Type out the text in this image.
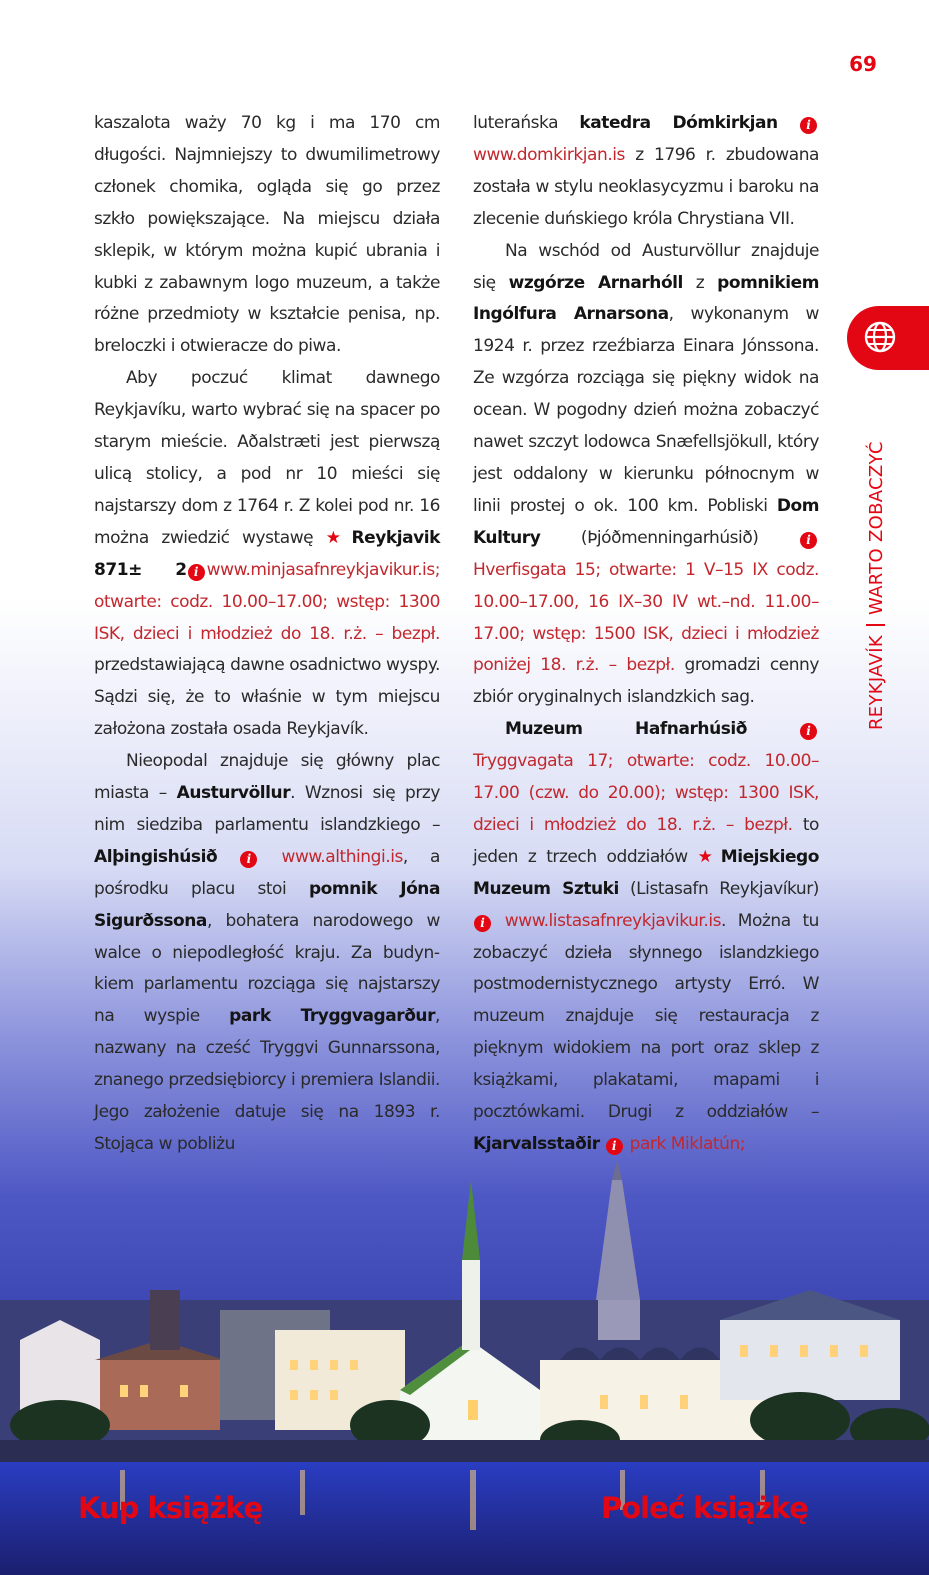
69
REYKJAVÍKWARTO ZOBACZYĆ

kaszalota waży 70 kg i ma 170 cm długości. Najmniejszy to dwumilimetrowy członek chomika, ogląda się go przez szkło powiększające. Na miejscu działa sklepik, w którym można kupić ubrania i kubki z zabawnym logo muzeum, a także różne przedmioty w kształcie penisa, np. breloczki i otwieracze do piwa.

Aby poczuć klimat dawnego Reykjavíku, warto wybrać się na spacer po starym mieście. Aðalstræti jest pierwszą ulicą stolicy, a pod nr 10 mieści się najstarszy dom z 1764 r. Z kolei pod nr. 16 można zwiedzić wystawę ★ Reykjavik 871± 2 i www.minjasafnreykjavikur.is; otwarte: codz. 10.00–17.00; wstęp: 1300 ISK, dzieci i młodzież do 18. r.ż. – bezpł. przedstawiającą dawne osadnictwo wyspy. Sądzi się, że to właśnie w tym miejscu założona została osada Reykjavík.

Nieopodal znajduje się główny plac miasta – Austurvöllur. Wznosi się przy nim siedziba parlamentu islandzkiego – Alþingishúsið i www.althingi.is, a pośrodku placu stoi pomnik Jóna Sigurðssona, bohatera narodowego w walce o niepodległość kraju. Za budynkiem parlamentu rozciąga się najstarszy na wyspie park Tryggvagarður, nazwany na cześć Tryggvi Gunnarssona, znanego przedsiębiorcy i premiera Islandii. Jego założenie datuje się na 1893 r. Stojąca w pobliżu

luterańska katedra Dómkirkjan i www.domkirkjan.is z 1796 r. zbudowana została w stylu neoklasycyzmu i baroku na zlecenie duńskiego króla Chrystiana VII.

Na wschód od Austurvöllur znajduje się wzgórze Arnarhóll z pomnikiem Ingólfura Arnarsona, wykonanym w 1924 r. przez rzeźbiarza Einara Jónssona. Ze wzgórza rozciąga się piękny widok na ocean. W pogodny dzień można zobaczyć nawet szczyt lodowca Snæfellsjökull, który jest oddalony w kierunku północnym w linii prostej o ok. 100 km. Pobliski Dom Kultury (Þjóðmenningarhúsið)	i Hverfisgata 15; otwarte: 1 V–15 IX codz. 10.00–17.00, 16 IX–30 IV wt.–nd. 11.00–17.00; wstęp: 1500 ISK, dzieci i młodzież poniżej 18. r.ż. – bezpł. gromadzi cenny zbiór oryginalnych islandzkich sag.

Muzeum Hafnarhúsið	iTryggvagata 17; otwarte: codz. 10.00–17.00 (czw. do 20.00); wstęp: 1300 ISK, dzieci i młodzież do 18. r.ż. – bezpł. to jeden z trzech oddziałów ★ Miejskiego Muzeum Sztuki (Listasafn Reykjavíkur) i www.listasafnreykjavikur.is. Można tu zobaczyć dzieła słynnego islandzkiego postmodernistycznego artysty Erró. W muzeum znajduje się restauracja z pięknym widokiem na port oraz sklep z książkami, plakatami, mapami i pocztówkami. Drugi z oddziałów – Kjarvalsstaðir i park Miklatún;

Kup książkę	Poleć książkę
